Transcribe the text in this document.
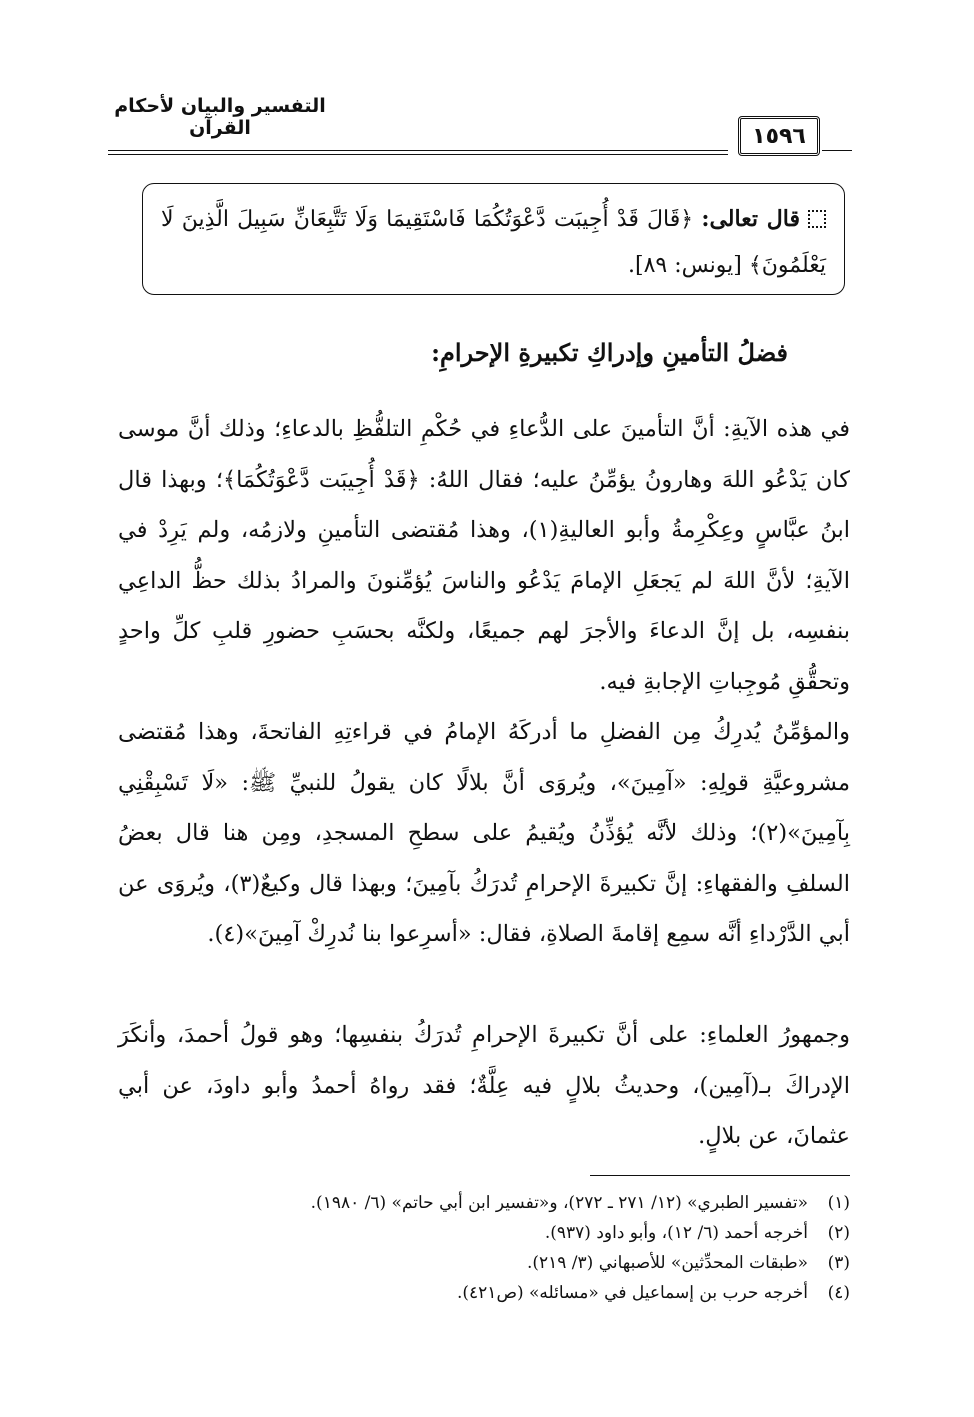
التفسير والبيان لأحكام القرآن	١٥٩٦
قال تعالى: ﴿قَالَ قَدْ أُجِيبَت دَّعْوَتُكُمَا فَاسْتَقِيمَا وَلَا تَتَّبِعَانِّ سَبِيلَ الَّذِينَ لَا يَعْلَمُونَ﴾ [يونس: ٨٩].
فضلُ التأمينِ وإدراكِ تكبيرةِ الإحرامِ:

في هذه الآيةِ: أنَّ التأمينَ على الدُّعاءِ في حُكْمِ التلفُّظِ بالدعاءِ؛ وذلك أنَّ موسى كان يَدْعُو اللهَ وهارونُ يؤمِّنُ عليه؛ فقال اللهُ: ﴿قَدْ أُجِيبَت دَّعْوَتُكُمَا﴾؛ وبهذا قال ابنُ عبَّاسٍ وعِكْرِمةُ وأبو العاليةِ(١)، وهذا مُقتضى التأمينِ ولازمُه، ولم يَرِدْ في الآيةِ؛ لأنَّ اللهَ لم يَجعَلِ الإمامَ يَدْعُو والناسَ يُؤمِّنونَ والمرادُ بذلك حظُّ الداعِي بنفسِه، بل إنَّ الدعاءَ والأجرَ لهم جميعًا، ولكنَّه بحسَبِ حضورِ قلبِ كلِّ واحدٍ وتحقُّقِ مُوجِباتِ الإجابةِ فيه.

والمؤمِّنُ يُدرِكُ مِن الفضلِ ما أدركَهُ الإمامُ في قراءتِهِ الفاتحةَ، وهذا مُقتضى مشروعيَّةِ قولِهِ: «آمِينَ»، ويُروَى أنَّ بلالًا كان يقولُ للنبيِّ ﷺ: «لَا تَسْبِقْنِي بِآمِينَ»(٢)؛ وذلك لأنَّه يُؤذِّنُ ويُقيمُ على سطحِ المسجدِ، ومِن هنا قال بعضُ السلفِ والفقهاءِ: إنَّ تكبيرةَ الإحرامِ تُدرَكُ بآمِينَ؛ وبهذا قال وكيعٌ(٣)، ويُروَى عن أبي الدَّرْداءِ أنَّه سمِع إقامةَ الصلاةِ، فقال: «أسرِعوا بنا نُدرِكْ آمِينَ»(٤).

وجمهورُ العلماءِ: على أنَّ تكبيرةَ الإحرامِ تُدرَكُ بنفسِها؛ وهو قولُ أحمدَ، وأنكَرَ الإدراكَ بـ(آمِين)، وحديثُ بلالٍ فيه عِلَّةٌ؛ فقد رواهُ أحمدُ وأبو داودَ، عن أبي عثمانَ، عن بلالٍ.

(١)«تفسير الطبري» (١٢/ ٢٧١ ـ ٢٧٢)، و«تفسير ابن أبي حاتم» (٦/ ١٩٨٠).
(٢)أخرجه أحمد (٦/ ١٢)، وأبو داود (٩٣٧).
(٣)«طبقات المحدِّثين» للأصبهاني (٣/ ٢١٩).
(٤)أخرجه حرب بن إسماعيل في «مسائله» (ص٤٢١).
